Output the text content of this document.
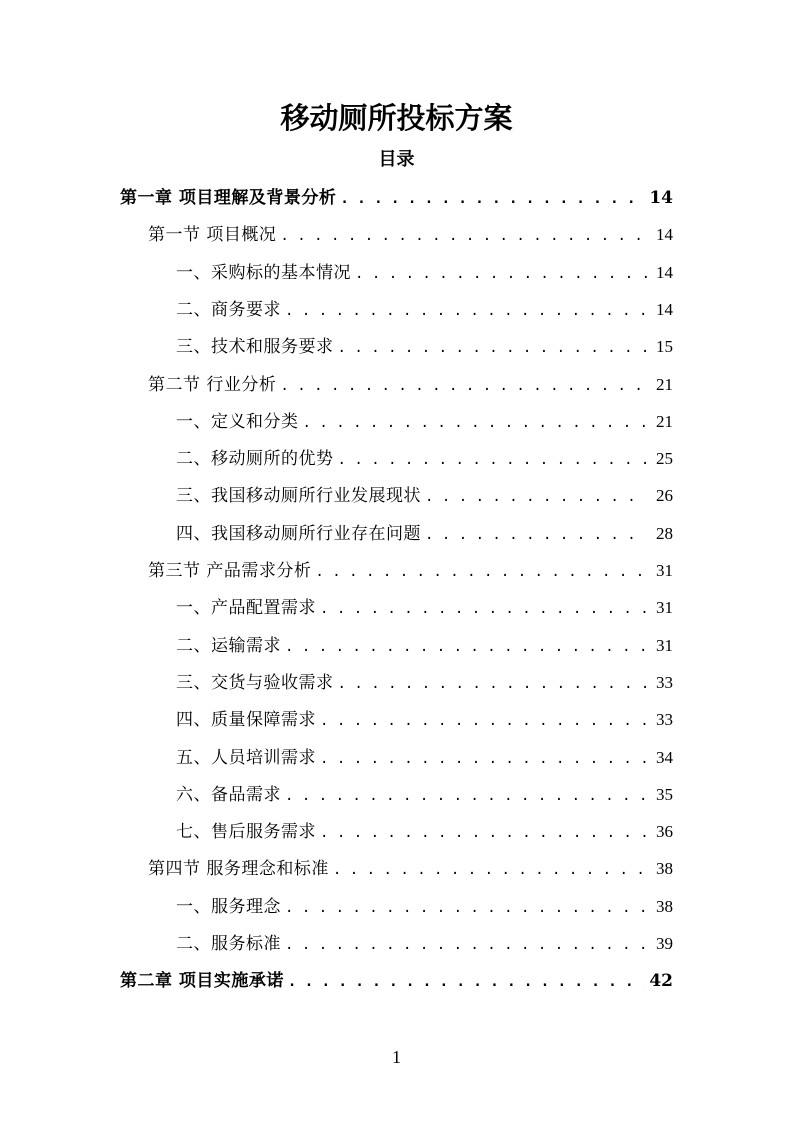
移动厕所投标方案
目录
第一章 项目理解及背景分析 . . .	14
第一节 项目概况 . . .	14
一、采购标的基本情况 . . .	14
二、商务要求 . . .	14
三、技术和服务要求 . . .	15
第二节 行业分析 . . .	21
一、定义和分类 . . .	21
二、移动厕所的优势 . . .	25
三、我国移动厕所行业发展现状 . . .	26
四、我国移动厕所行业存在问题 . . .	28
第三节 产品需求分析 . . .	31
一、产品配置需求 . . .	31
二、运输需求 . . .	31
三、交货与验收需求 . . .	33
四、质量保障需求 . . .	33
五、人员培训需求 . . .	34
六、备品需求 . . .	35
七、售后服务需求 . . .	36
第四节 服务理念和标准 . . .	38
一、服务理念 . . .	38
二、服务标准 . . .	39
第二章 项目实施承诺 . . .	42
1
